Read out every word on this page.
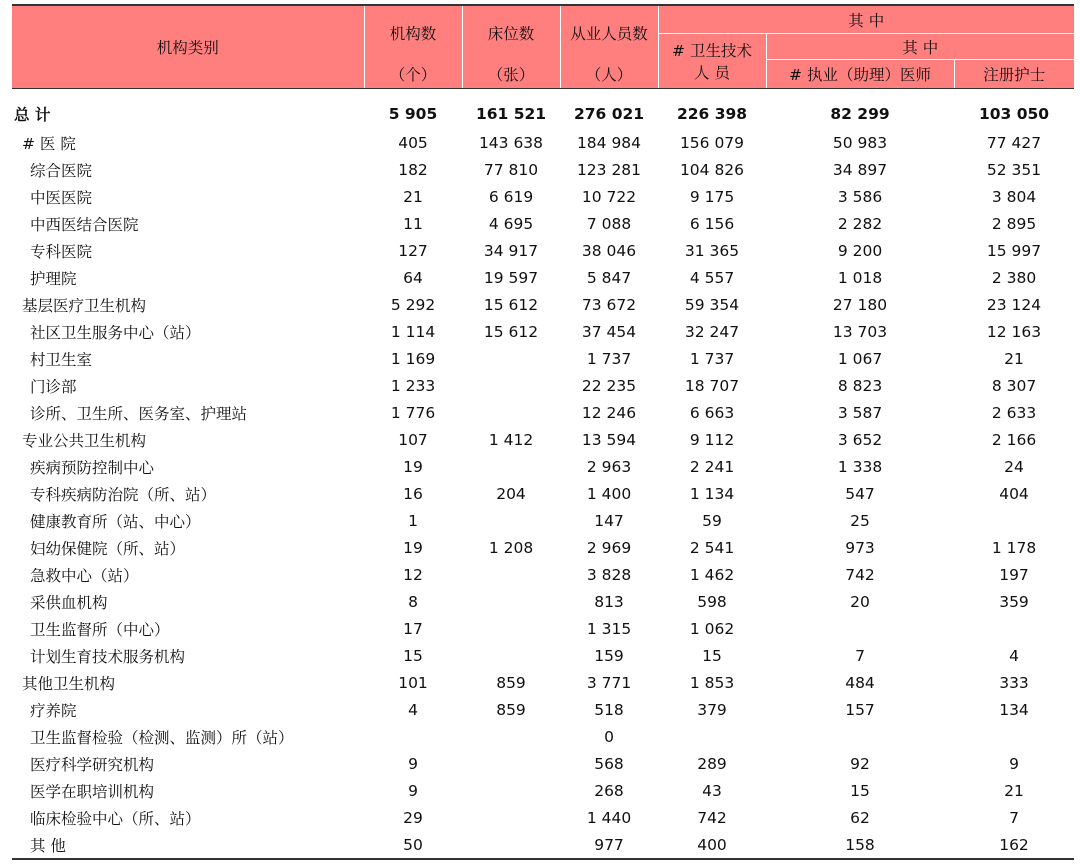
机构类别	机构数	床位数	从业人员数	其 中		

				# 卫生技术
人 员	其 中	
	（个）	（张）	（人）		# 执业（助理）医师	注册护士

总 计	5 905	161 521	276 021	226 398	82 299	103 050
# 医 院	405	143 638	184 984	156 079	50 983	77 427
综合医院	182	77 810	123 281	104 826	34 897	52 351
中医医院	21	6 619	10 722	9 175	3 586	3 804
中西医结合医院	11	4 695	7 088	6 156	2 282	2 895
专科医院	127	34 917	38 046	31 365	9 200	15 997
护理院	64	19 597	5 847	4 557	1 018	2 380
基层医疗卫生机构	5 292	15 612	73 672	59 354	27 180	23 124
社区卫生服务中心（站）	1 114	15 612	37 454	32 247	13 703	12 163
村卫生室	1 169		1 737	1 737	1 067	21
门诊部	1 233		22 235	18 707	8 823	8 307
诊所、卫生所、医务室、护理站	1 776		12 246	6 663	3 587	2 633
专业公共卫生机构	107	1 412	13 594	9 112	3 652	2 166
疾病预防控制中心	19		2 963	2 241	1 338	24
专科疾病防治院（所、站）	16	204	1 400	1 134	547	404
健康教育所（站、中心）	1		147	59	25	
妇幼保健院（所、站）	19	1 208	2 969	2 541	973	1 178
急救中心（站）	12		3 828	1 462	742	197
采供血机构	8		813	598	20	359
卫生监督所（中心）	17		1 315	1 062		
计划生育技术服务机构	15		159	15	7	4
其他卫生机构	101	859	3 771	1 853	484	333
疗养院	4	859	518	379	157	134
卫生监督检验（检测、监测）所（站）			0			
医疗科学研究机构	9		568	289	92	9
医学在职培训机构	9		268	43	15	21
临床检验中心（所、站）	29		1 440	742	62	7
其 他	50		977	400	158	162
